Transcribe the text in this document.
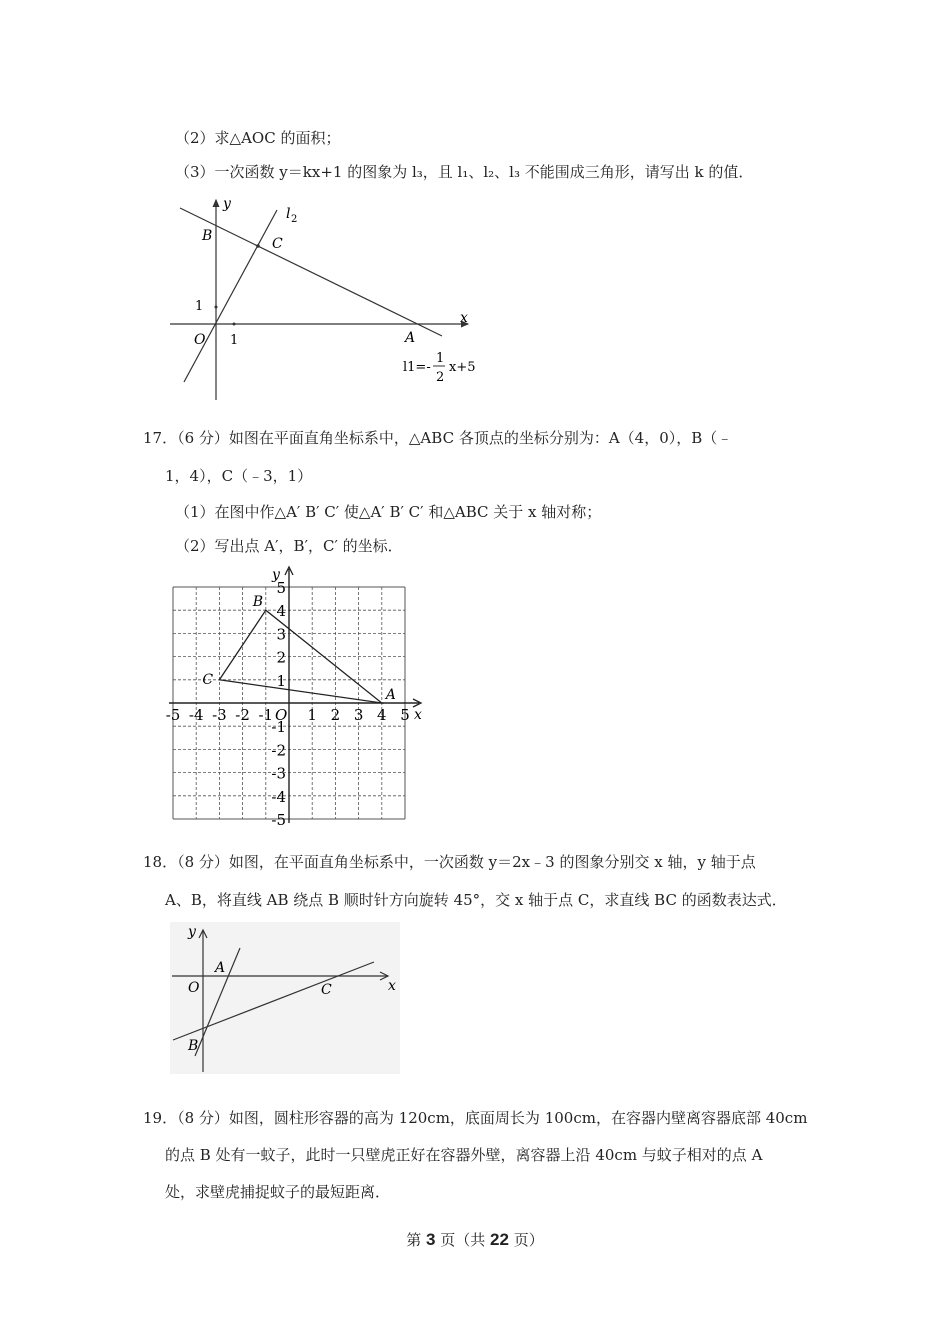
（2）求△AOC 的面积；
（3）一次函数 y＝kx+1 的图象为 l₃，且 l₁、l₂、l₃ 不能围成三角形，请写出 k 的值．
y
x
B	C
A
O
1
1
l 2
l1=-
1
2
x+5
17．（6 分）如图在平面直角坐标系中，△ABC 各顶点的坐标分别为：A（4，0），B（﹣
1，4），C（﹣3，1）
（1）在图中作△A′ B′ C′ 使△A′ B′ C′ 和△ABC 关于 x 轴对称；
（2）写出点 A′，B′，C′ 的坐标．
-5 -4 -3 -2 -1 1 2 3 4 5
5
4
3
2
1
-1
-2
-3
-4
-5
O	x
y
A
B
C
18．（8 分）如图，在平面直角坐标系中，一次函数 y＝2x﹣3 的图象分别交 x 轴，y 轴于点
A、B，将直线 AB 绕点 B 顺时针方向旋转 45°，交 x 轴于点 C，求直线 BC 的函数表达式．
y
x
A
O	C
B
19．（8 分）如图，圆柱形容器的高为 120cm，底面周长为 100cm，在容器内壁离容器底部 40cm
的点 B 处有一蚊子，此时一只壁虎正好在容器外壁，离容器上沿 40cm 与蚊子相对的点 A
处，求壁虎捕捉蚊子的最短距离．
第 3 页（共 22 页）
